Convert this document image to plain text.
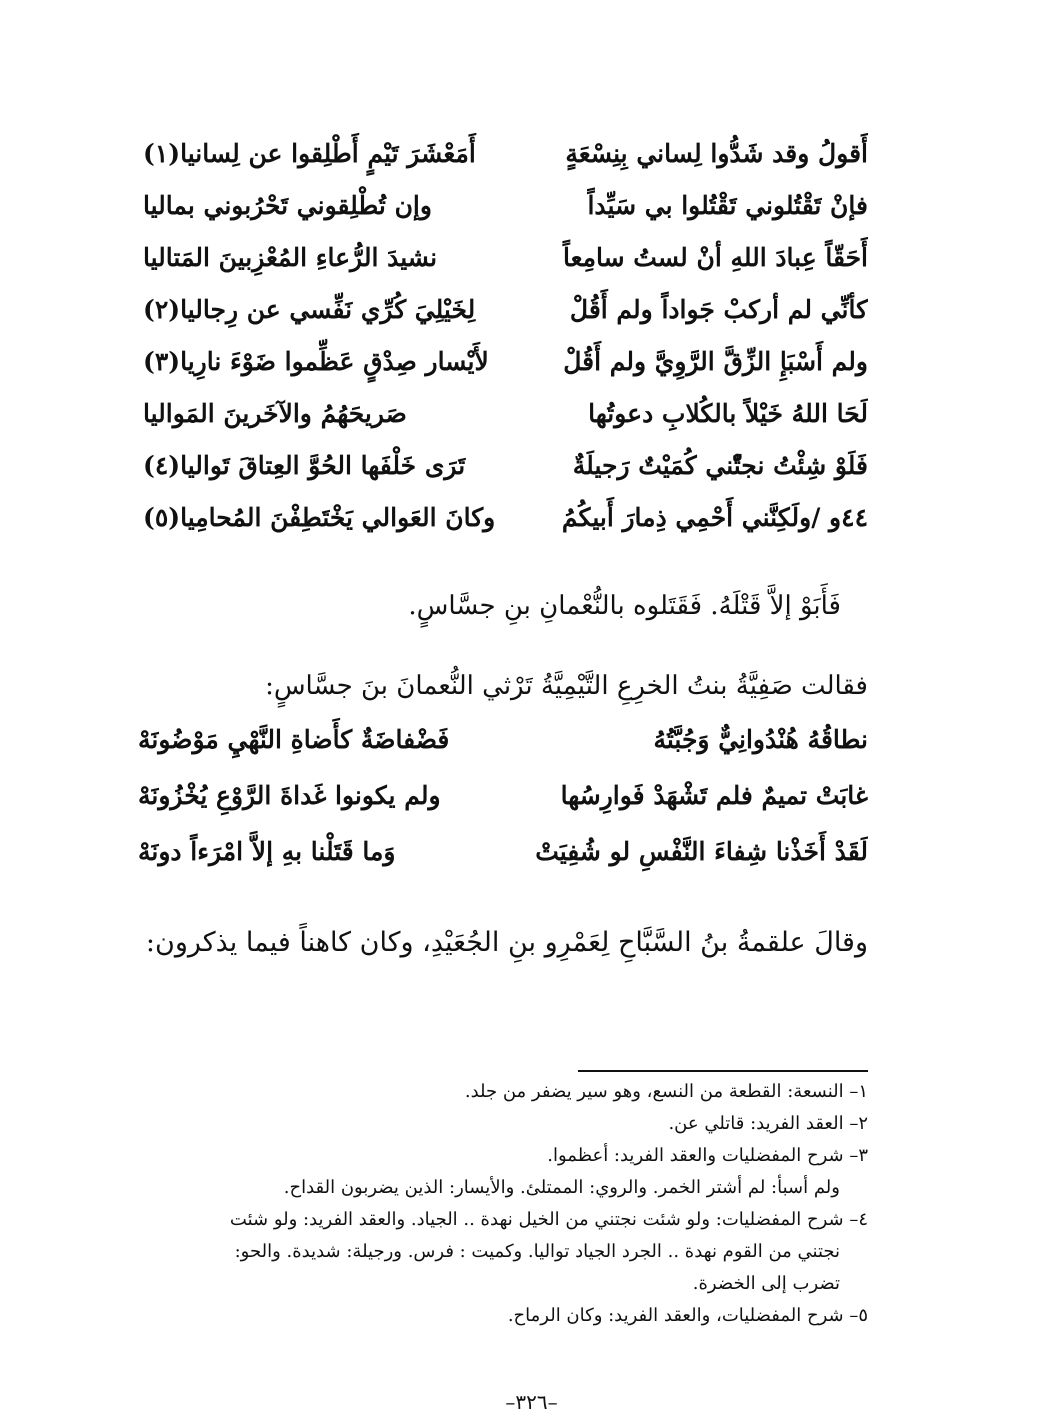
أَقولُ وقد شَدُّوا لِساني بِنِسْعَةٍ
أَمَعْشَرَ تَيْمٍ أَطْلِقوا عن لِسانيا(١)
فإنْ تَقْتُلوني تَقْتُلوا بي سَيِّداً
وإن تُطْلِقوني تَحْرُبوني بماليا
أَحَقّاً عِبادَ اللهِ أنْ لستُ سامِعاً
نشيدَ الرُّعاءِ المُعْزِبينَ المَتاليا
كأنِّي لم أركبْ جَواداً ولم أَقُلْ
لِخَيْلِيَ كُرِّي نَفِّسي عن رِجاليا(٢)
ولم أَسْبَإِ الزِّقَّ الرَّوِيَّ ولم أَقُلْ
لأَيْسار صِدْقٍ عَظِّموا ضَوْءَ نارِيا(٣)
لَحَا اللهُ خَيْلاً بالكُلابِ دعوتُها
صَريحَهُمُ والآخَرينَ المَواليا
فَلَوْ شِئْتُ نجتّْني كُمَيْتٌ رَجيلَةٌ
تَرَى خَلْفَها الحُوَّ العِتاقَ تَواليا(٤)
٤٤و /ولَكِنَّني أَحْمِي ذِمارَ أَبيكُمُ
وكانَ العَوالي يَخْتَطِفْنَ المُحامِيا(٥)
فَأَبَوْ إلاَّ قَتْلَهُ. فَقَتَلوه بالنُّعْمانِ بنِ جسَّاسٍ.
فقالت صَفِيَّةُ بنتُ الخرِعِ التَّيْمِيَّةُ تَرْثي النُّعمانَ بنَ جسَّاسٍ:
نطاقُهُ هُنْدُوانِيٌّ وَجُبَّتُهُ
فَضْفاضَةٌ كأَضاةِ النَّهْيِ مَوْضُونَهْ
غابَتْ تميمٌ فلم تَشْهَدْ فَوارِسُها
ولم يكونوا غَداةَ الرَّوْعِ يُخْزُونَهْ
لَقَدْ أَخَذْنا شِفاءَ النَّفْسِ لو شُفِيَتْ
وَما قَتَلْنا بهِ إلاَّ امْرَءاً دونَهْ
وقالَ علقمةُ بنُ السَّبَّاحِ لِعَمْرِو بنِ الجُعَيْدِ، وكان كاهناً فيما يذكرون:
١– النسعة: القطعة من النسع، وهو سير يضفر من جلد.
٢– العقد الفريد: قاتلي عن.
٣– شرح المفضليات والعقد الفريد: أعظموا.
ولم أسبأ: لم أشتر الخمر. والروي: الممتلئ. والأيسار: الذين يضربون القداح.
٤– شرح المفضليات: ولو شئت نجتني من الخيل نهدة .. الجياد. والعقد الفريد: ولو شئت
نجتني من القوم نهدة .. الجرد الجياد تواليا. وكميت : فرس. ورجيلة: شديدة. والحو:
تضرب إلى الخضرة.
٥– شرح المفضليات، والعقد الفريد: وكان الرماح.
–٣٢٦–
